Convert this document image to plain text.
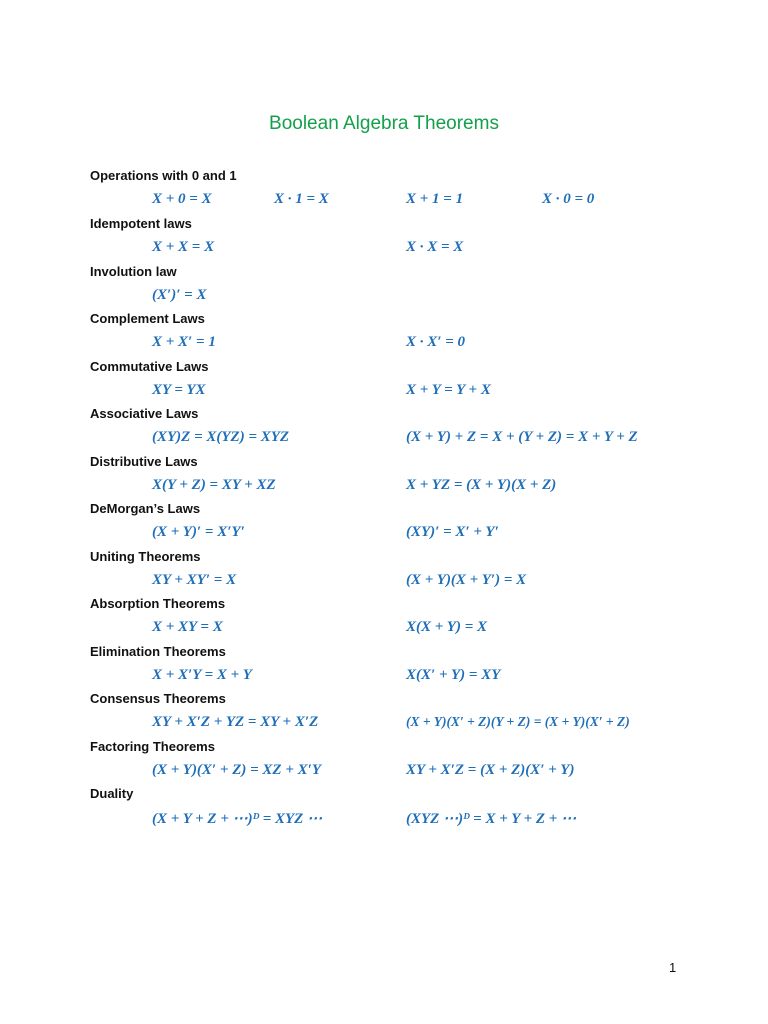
Boolean Algebra Theorems
Operations with 0 and 1
X + 0 = X	X · 1 = X	X + 1 = 1	X · 0 = 0
Idempotent laws
X + X = X	X · X = X
Involution law
(X′)′ = X
Complement Laws
X + X′ = 1	X · X′ = 0
Commutative Laws
XY = YX	X + Y = Y + X
Associative Laws
(XY)Z = X(YZ) = XYZ	(X + Y) + Z = X + (Y + Z) = X + Y + Z
Distributive Laws
X(Y + Z) = XY + XZ	X + YZ = (X + Y)(X + Z)
DeMorgan’s Laws
(X + Y)′ = X′Y′	(XY)′ = X′ + Y′
Uniting Theorems
XY + XY′ = X	(X + Y)(X + Y′) = X
Absorption Theorems
X + XY = X	X(X + Y) = X
Elimination Theorems
X + X′Y = X + Y	X(X′ + Y) = XY
Consensus Theorems
XY + X′Z + YZ = XY + X′Z	(X + Y)(X′ + Z)(Y + Z) = (X + Y)(X′ + Z)
Factoring Theorems
(X + Y)(X′ + Z) = XZ + X′Y	XY + X′Z = (X + Z)(X′ + Y)
Duality
(X + Y + Z + ⋯)ᴰ = XYZ ⋯	(XYZ ⋯)ᴰ = X + Y + Z + ⋯
1
